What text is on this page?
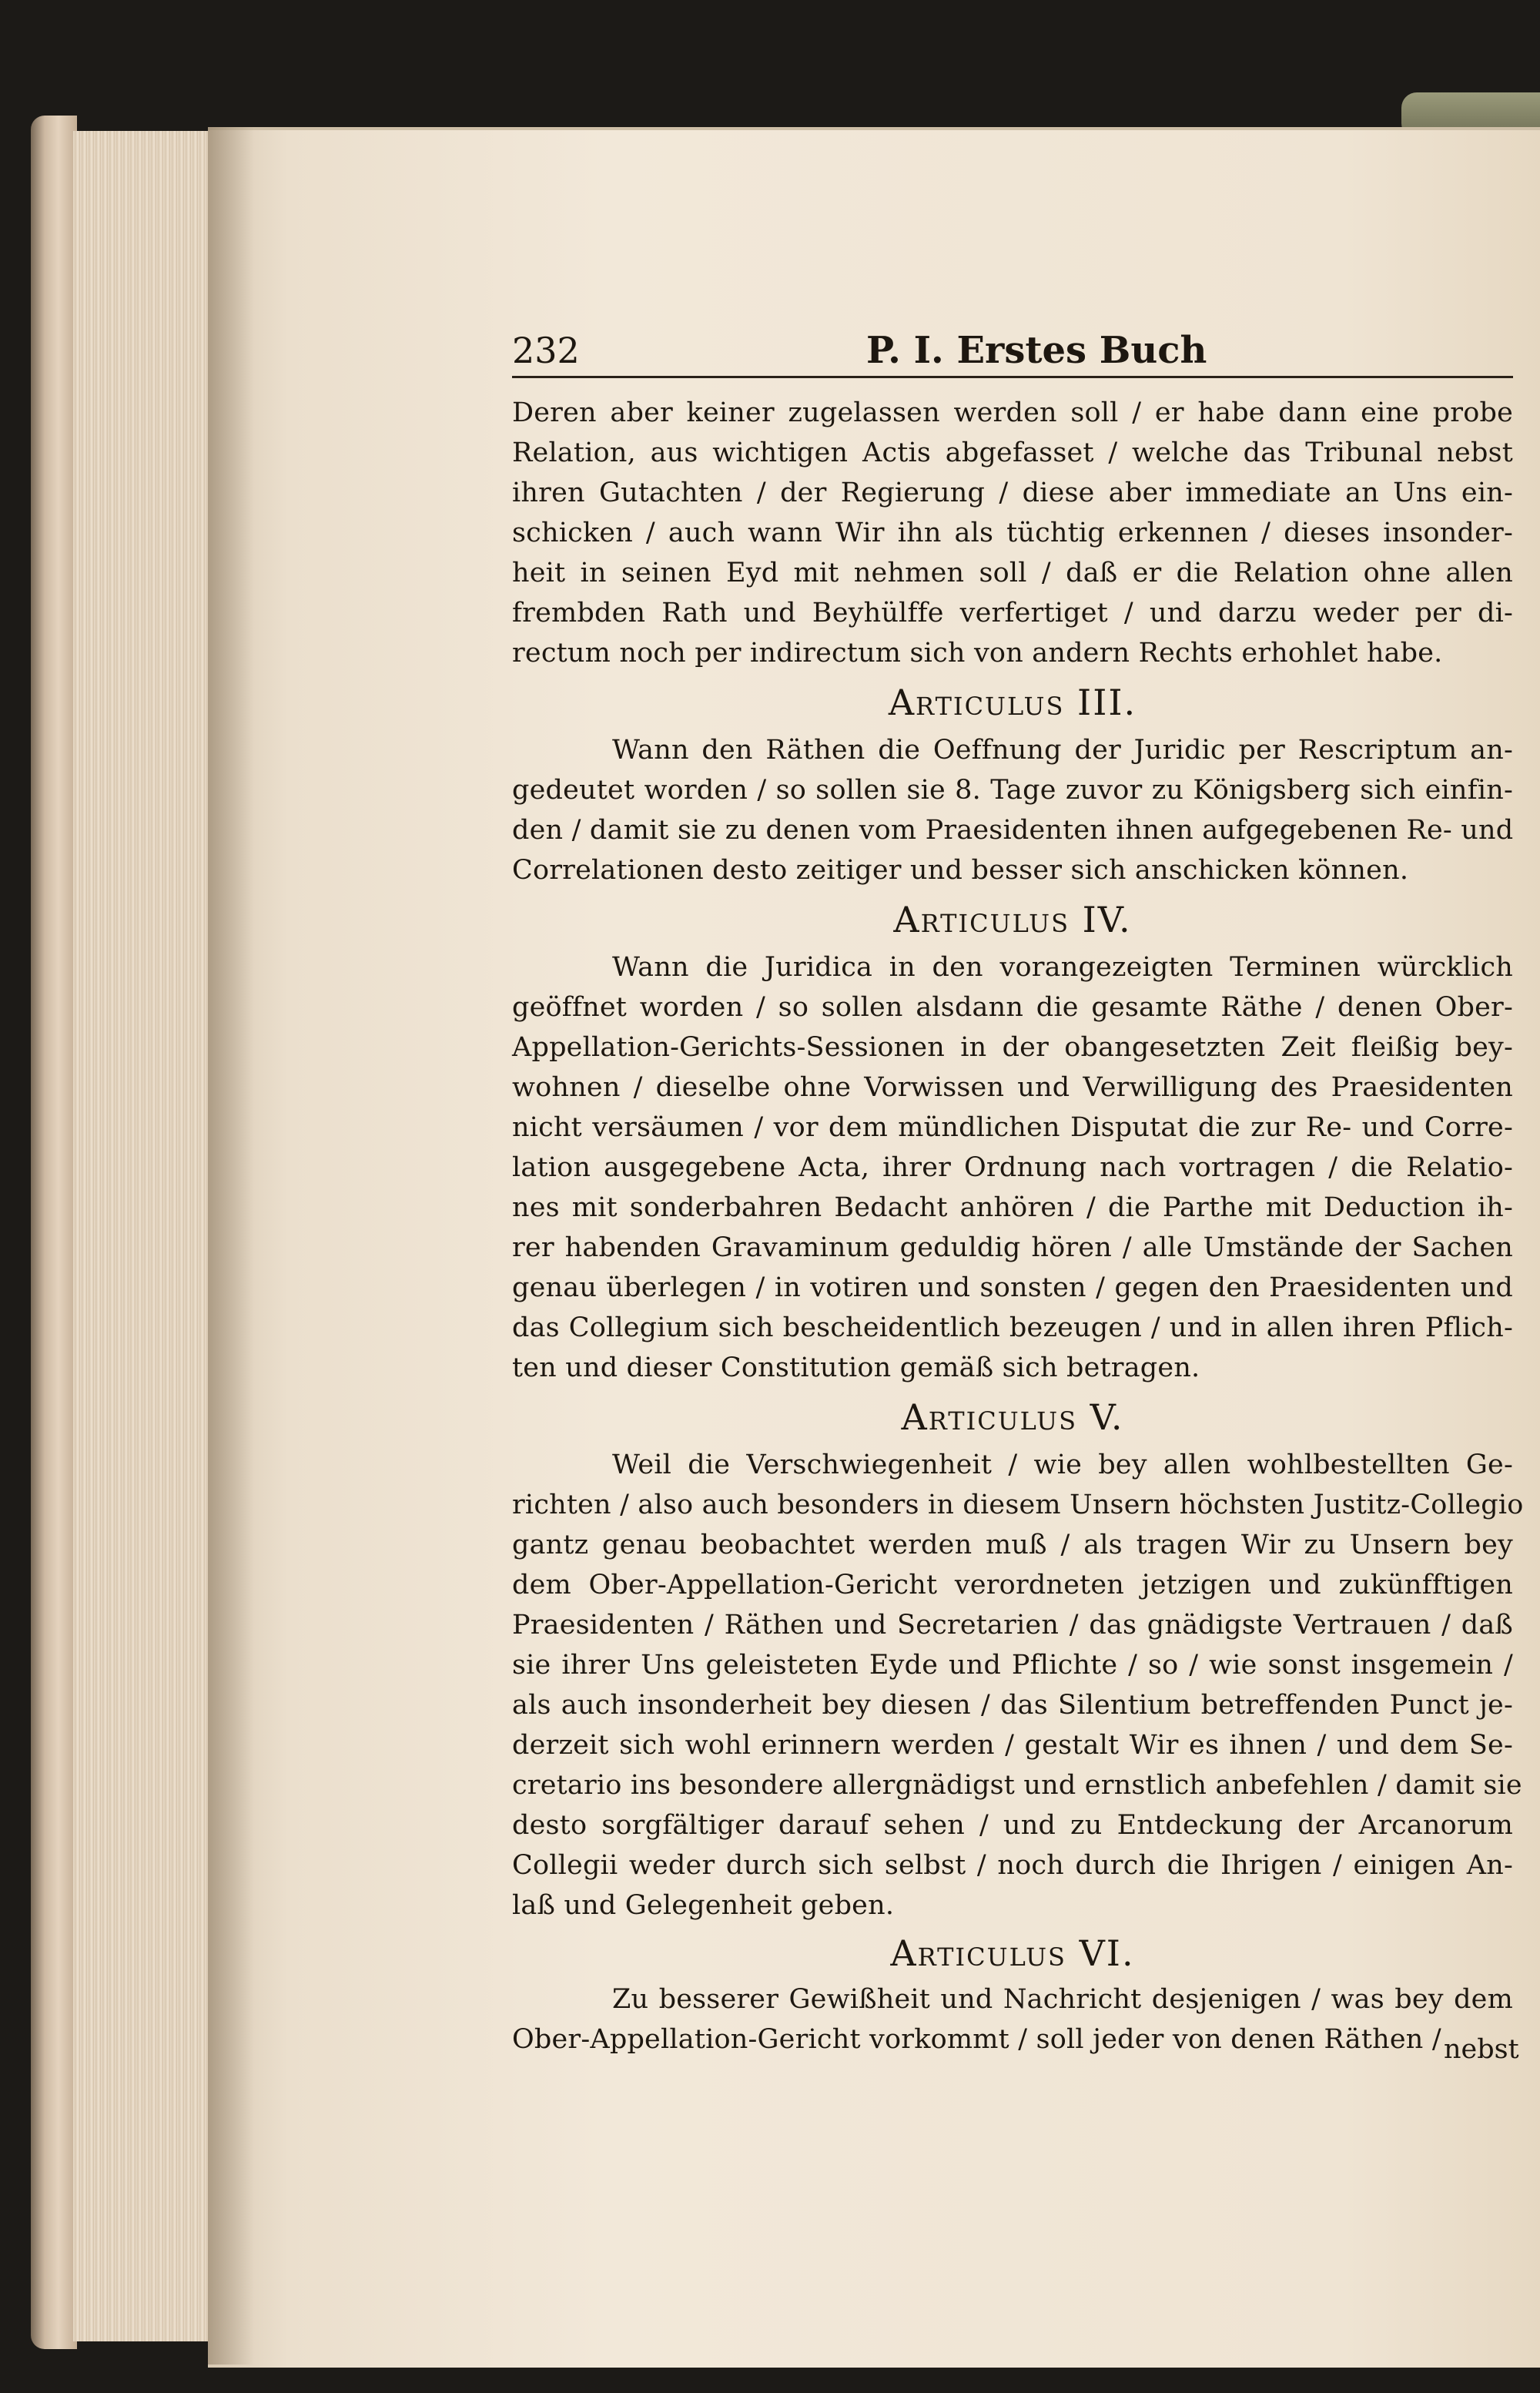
232	P. I. Erstes Buch
Deren aber keiner zugelassen werden soll / er habe dann eine probe
Relation, aus wichtigen Actis abgefasset / welche das Tribunal nebst
ihren Gutachten / der Regierung / diese aber immediate an Uns ein-
schicken / auch wann Wir ihn als tüchtig erkennen / dieses insonder-
heit in seinen Eyd mit nehmen soll / daß er die Relation ohne allen
frembden Rath und Beyhülffe verfertiget / und darzu weder per di-
rectum noch per indirectum sich von andern Rechts erhohlet habe.
Articulus III.
Wann den Räthen die Oeffnung der Juridic per Rescriptum an-
gedeutet worden / so sollen sie 8. Tage zuvor zu Königsberg sich einfin-
den / damit sie zu denen vom Praesidenten ihnen aufgegebenen Re- und
Correlationen desto zeitiger und besser sich anschicken können.
Articulus IV.
Wann die Juridica in den vorangezeigten Terminen würcklich
geöffnet worden / so sollen alsdann die gesamte Räthe / denen Ober-
Appellation-Gerichts-Sessionen in der obangesetzten Zeit fleißig bey-
wohnen / dieselbe ohne Vorwissen und Verwilligung des Praesidenten
nicht versäumen / vor dem mündlichen Disputat die zur Re- und Corre-
lation ausgegebene Acta, ihrer Ordnung nach vortragen / die Relatio-
nes mit sonderbahren Bedacht anhören / die Parthe mit Deduction ih-
rer habenden Gravaminum geduldig hören / alle Umstände der Sachen
genau überlegen / in votiren und sonsten / gegen den Praesidenten und
das Collegium sich bescheidentlich bezeugen / und in allen ihren Pflich-
ten und dieser Constitution gemäß sich betragen.
Articulus V.
Weil die Verschwiegenheit / wie bey allen wohlbestellten Ge-
richten / also auch besonders in diesem Unsern höchsten Justitz-Collegio
gantz genau beobachtet werden muß / als tragen Wir zu Unsern bey
dem Ober-Appellation-Gericht verordneten jetzigen und zukünfftigen
Praesidenten / Räthen und Secretarien / das gnädigste Vertrauen / daß
sie ihrer Uns geleisteten Eyde und Pflichte / so / wie sonst insgemein /
als auch insonderheit bey diesen / das Silentium betreffenden Punct je-
derzeit sich wohl erinnern werden / gestalt Wir es ihnen / und dem Se-
cretario ins besondere allergnädigst und ernstlich anbefehlen / damit sie
desto sorgfältiger darauf sehen / und zu Entdeckung der Arcanorum
Collegii weder durch sich selbst / noch durch die Ihrigen / einigen An-
laß und Gelegenheit geben.
Articulus VI.
Zu besserer Gewißheit und Nachricht desjenigen / was bey dem
Ober-Appellation-Gericht vorkommt / soll jeder von denen Räthen / nebst
